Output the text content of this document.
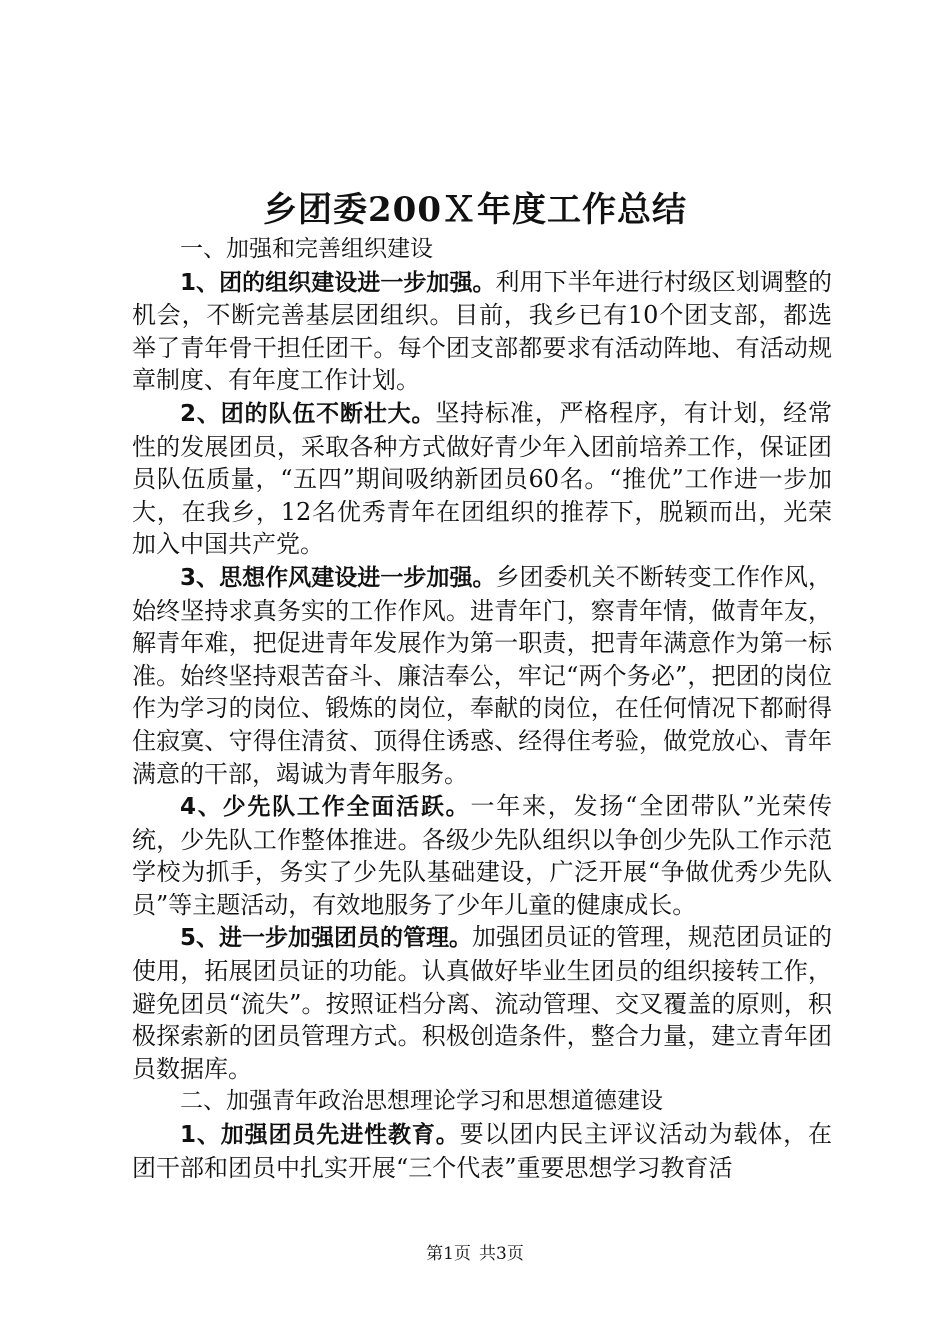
乡团委200Ｘ年度工作总结

一、加强和完善组织建设

1、团的组织建设进一步加强。利用下半年进行村级区划调整的机会，不断完善基层团组织。目前，我乡已有10个团支部，都选举了青年骨干担任团干。每个团支部都要求有活动阵地、有活动规章制度、有年度工作计划。

2、团的队伍不断壮大。坚持标准，严格程序，有计划，经常性的发展团员，采取各种方式做好青少年入团前培养工作，保证团员队伍质量，“五四”期间吸纳新团员60名。“推优”工作进一步加大，在我乡，12名优秀青年在团组织的推荐下，脱颖而出，光荣加入中国共产党。

3、思想作风建设进一步加强。乡团委机关不断转变工作作风，始终坚持求真务实的工作作风。进青年门，察青年情，做青年友，解青年难，把促进青年发展作为第一职责，把青年满意作为第一标准。始终坚持艰苦奋斗、廉洁奉公，牢记“两个务必”，把团的岗位作为学习的岗位、锻炼的岗位，奉献的岗位，在任何情况下都耐得住寂寞、守得住清贫、顶得住诱惑、经得住考验，做党放心、青年满意的干部，竭诚为青年服务。

4、少先队工作全面活跃。一年来，发扬“全团带队”光荣传统，少先队工作整体推进。各级少先队组织以争创少先队工作示范学校为抓手，务实了少先队基础建设，广泛开展“争做优秀少先队员”等主题活动，有效地服务了少年儿童的健康成长。

5、进一步加强团员的管理。加强团员证的管理，规范团员证的使用，拓展团员证的功能。认真做好毕业生团员的组织接转工作，避免团员“流失”。按照证档分离、流动管理、交叉覆盖的原则，积极探索新的团员管理方式。积极创造条件，整合力量，建立青年团员数据库。

二、加强青年政治思想理论学习和思想道德建设

1、加强团员先进性教育。要以团内民主评议活动为载体，在团干部和团员中扎实开展“三个代表”重要思想学习教育活

第1页 共3页
